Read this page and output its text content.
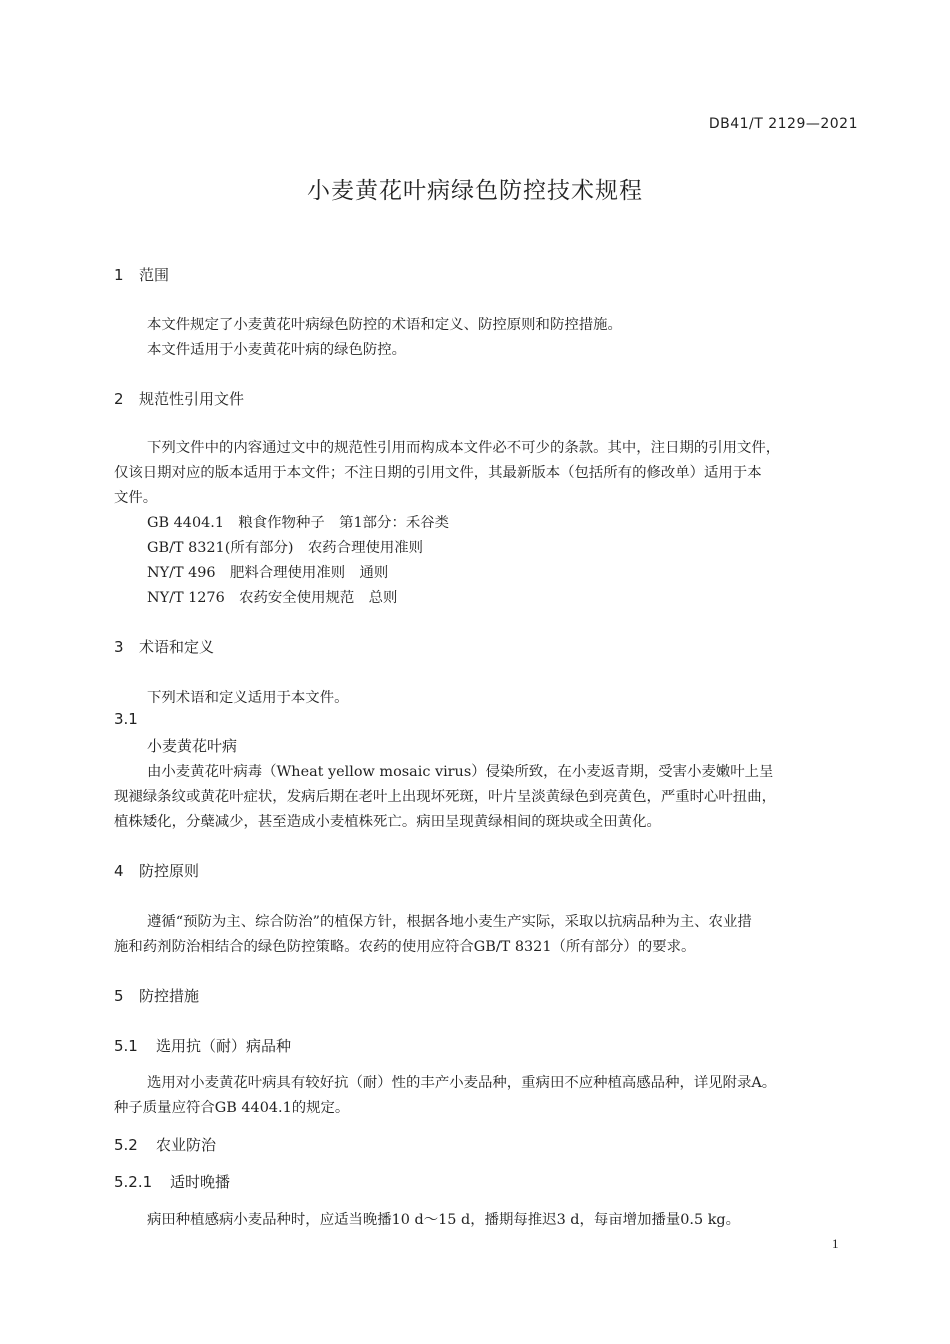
DB41/T 2129—2021
小麦黄花叶病绿色防控技术规程
1 范围
本文件规定了小麦黄花叶病绿色防控的术语和定义、防控原则和防控措施。
本文件适用于小麦黄花叶病的绿色防控。
2 规范性引用文件
下列文件中的内容通过文中的规范性引用而构成本文件必不可少的条款。其中，注日期的引用文件，
仅该日期对应的版本适用于本文件；不注日期的引用文件，其最新版本（包括所有的修改单）适用于本
文件。
GB 4404.1　粮食作物种子　第1部分：禾谷类
GB/T 8321(所有部分)　农药合理使用准则
NY/T 496　肥料合理使用准则　通则
NY/T 1276　农药安全使用规范　总则
3 术语和定义
下列术语和定义适用于本文件。
3.1
小麦黄花叶病
由小麦黄花叶病毒（Wheat yellow mosaic virus）侵染所致，在小麦返青期，受害小麦嫩叶上呈
现褪绿条纹或黄花叶症状，发病后期在老叶上出现坏死斑，叶片呈淡黄绿色到亮黄色，严重时心叶扭曲，
植株矮化，分蘖减少，甚至造成小麦植株死亡。病田呈现黄绿相间的斑块或全田黄化。
4 防控原则
遵循“预防为主、综合防治”的植保方针，根据各地小麦生产实际，采取以抗病品种为主、农业措
施和药剂防治相结合的绿色防控策略。农药的使用应符合GB/T 8321（所有部分）的要求。
5 防控措施
5.1 选用抗（耐）病品种
选用对小麦黄花叶病具有较好抗（耐）性的丰产小麦品种，重病田不应种植高感品种，详见附录A。
种子质量应符合GB 4404.1的规定。
5.2 农业防治
5.2.1 适时晚播
病田种植感病小麦品种时，应适当晚播10 d～15 d，播期每推迟3 d，每亩增加播量0.5 kg。
1
